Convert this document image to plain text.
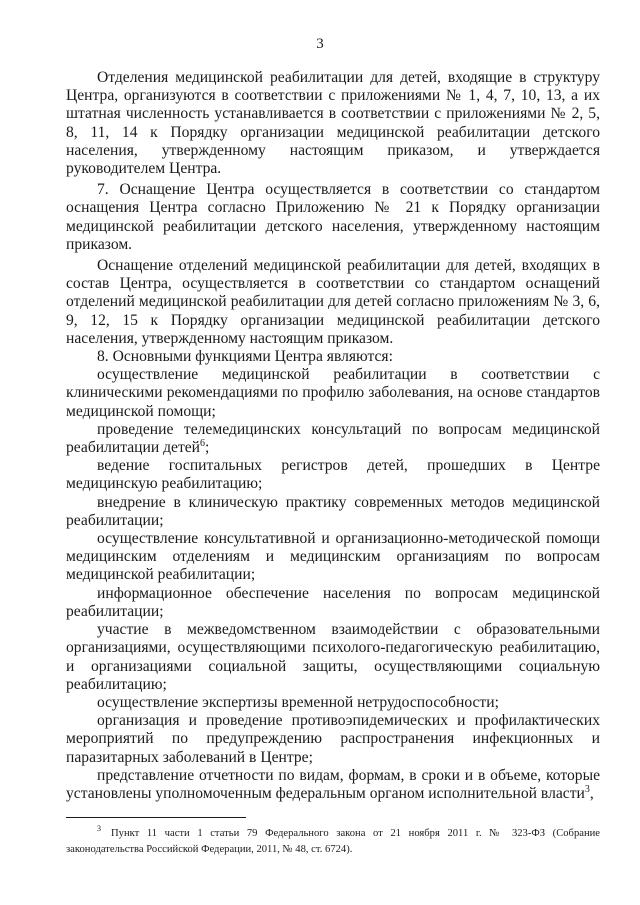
3

Отделения медицинской реабилитации для детей, входящие в структуру Центра, организуются в соответствии с приложениями № 1, 4, 7, 10, 13, а их штатная численность устанавливается в соответствии с приложениями № 2, 5, 8, 11, 14 к Порядку организации медицинской реабилитации детского населения, утвержденному настоящим приказом, и утверждается руководителем Центра.

7. Оснащение Центра осуществляется в соответствии со стандартом оснащения Центра согласно Приложению № 21 к Порядку организации медицинской реабилитации детского населения, утвержденному настоящим приказом.

Оснащение отделений медицинской реабилитации для детей, входящих в состав Центра, осуществляется в соответствии со стандартом оснащений отделений медицинской реабилитации для детей согласно приложениям № 3, 6, 9, 12, 15 к Порядку организации медицинской реабилитации детского населения, утвержденному настоящим приказом.

8. Основными функциями Центра являются:

осуществление медицинской реабилитации в соответствии с клиническими рекомендациями по профилю заболевания, на основе стандартов медицинской помощи;

проведение телемедицинских консультаций по вопросам медицинской реабилитации детей$^6$;

ведение госпитальных регистров детей, прошедших в Центре медицинскую реабилитацию;

внедрение в клиническую практику современных методов медицинской реабилитации;

осуществление консультативной и организационно-методической помощи медицинским отделениям и медицинским организациям по вопросам медицинской реабилитации;

информационное обеспечение населения по вопросам медицинской реабилитации;

участие в межведомственном взаимодействии с образовательными организациями, осуществляющими психолого-педагогическую реабилитацию, и организациями социальной защиты, осуществляющими социальную реабилитацию;

осуществление экспертизы временной нетрудоспособности;

организация и проведение противоэпидемических и профилактических мероприятий по предупреждению распространения инфекционных и паразитарных заболеваний в Центре;

представление отчетности по видам, формам, в сроки и в объеме, которые установлены уполномоченным федеральным органом исполнительной власти$^3$,

$^3$ Пункт 11 части 1 статьи 79 Федерального закона от 21 ноября 2011 г. № 323-ФЗ (Собрание законодательства Российской Федерации, 2011, № 48, ст. 6724).
